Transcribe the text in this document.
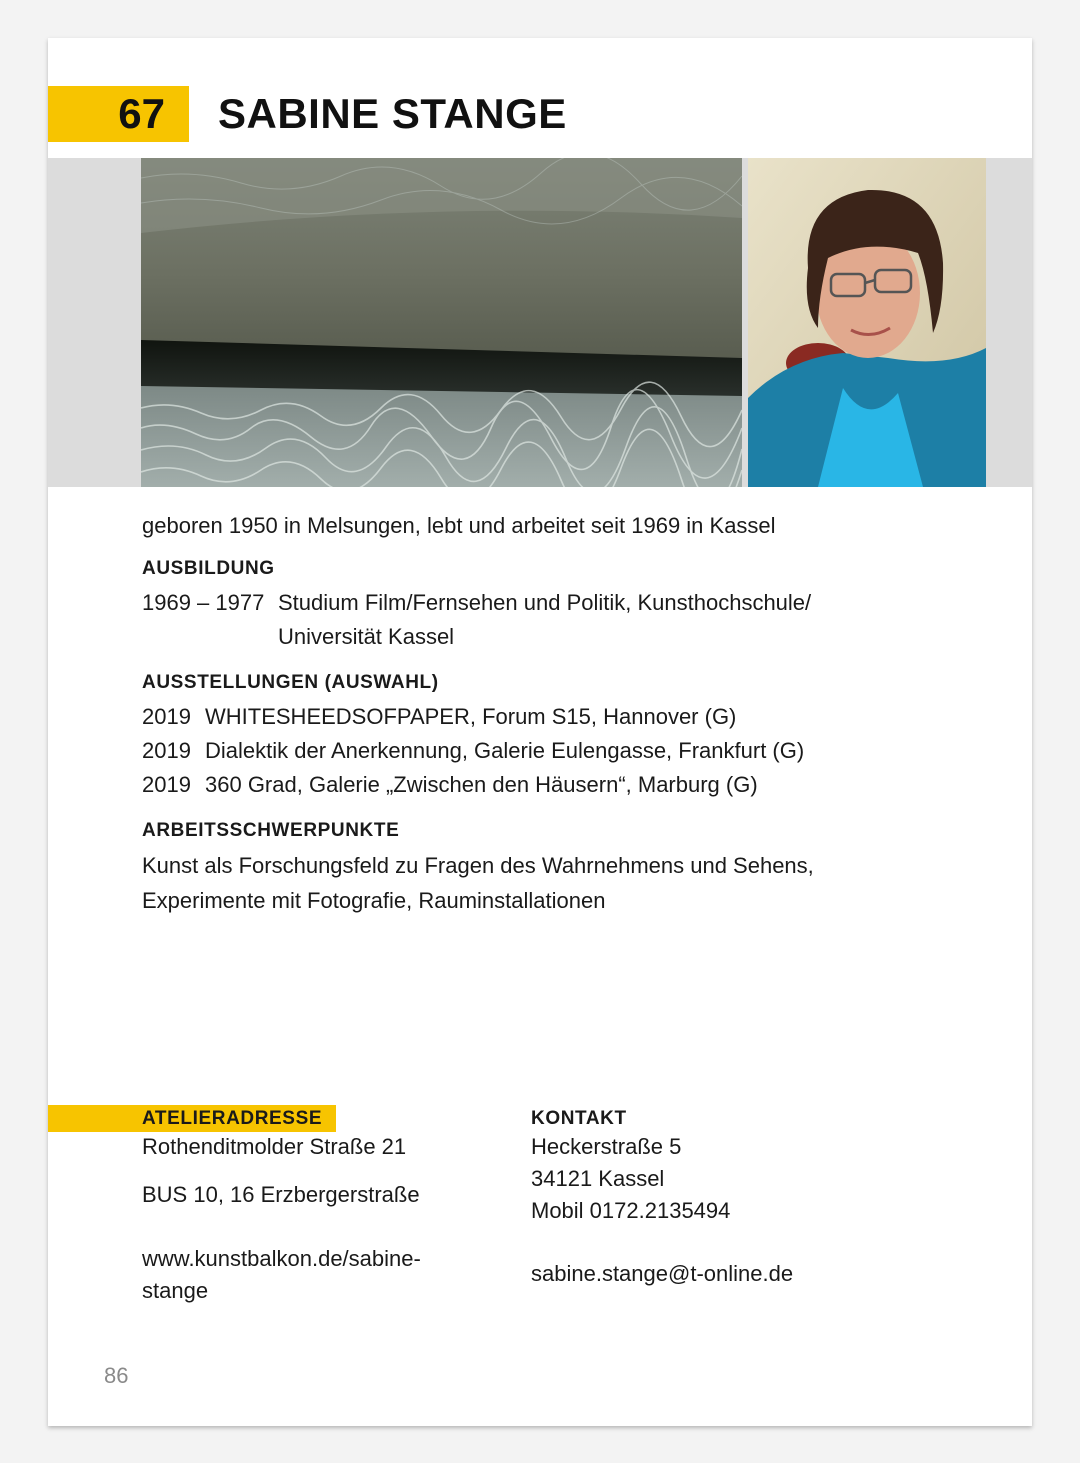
67 SABINE STANGE

geboren 1950 in Melsungen, lebt und arbeitet seit 1969 in Kassel

AUSBILDUNG
1969 – 1977 Studium Film/Fernsehen und Politik, Kunsthochschule/ Universität Kassel
AUSSTELLUNGEN (AUSWAHL)
2019 WHITESHEEDSOFPAPER, Forum S15, Hannover (G)
2019 Dialektik der Anerkennung, Galerie Eulengasse, Frankfurt (G)
2019 360 Grad, Galerie „Zwischen den Häusern“, Marburg (G)
ARBEITSSCHWERPUNKTE
Kunst als Forschungsfeld zu Fragen des Wahrnehmens und Sehens,
Experimente mit Fotografie, Rauminstallationen
ATELIERADRESSE
Rothenditmolder Straße 21
BUS 10, 16 Erzbergerstraße
www.kunstbalkon.de/sabine-
stange
KONTAKT
Heckerstraße 5
34121 Kassel
Mobil 0172.2135494
sabine.stange@t-online.de
86
